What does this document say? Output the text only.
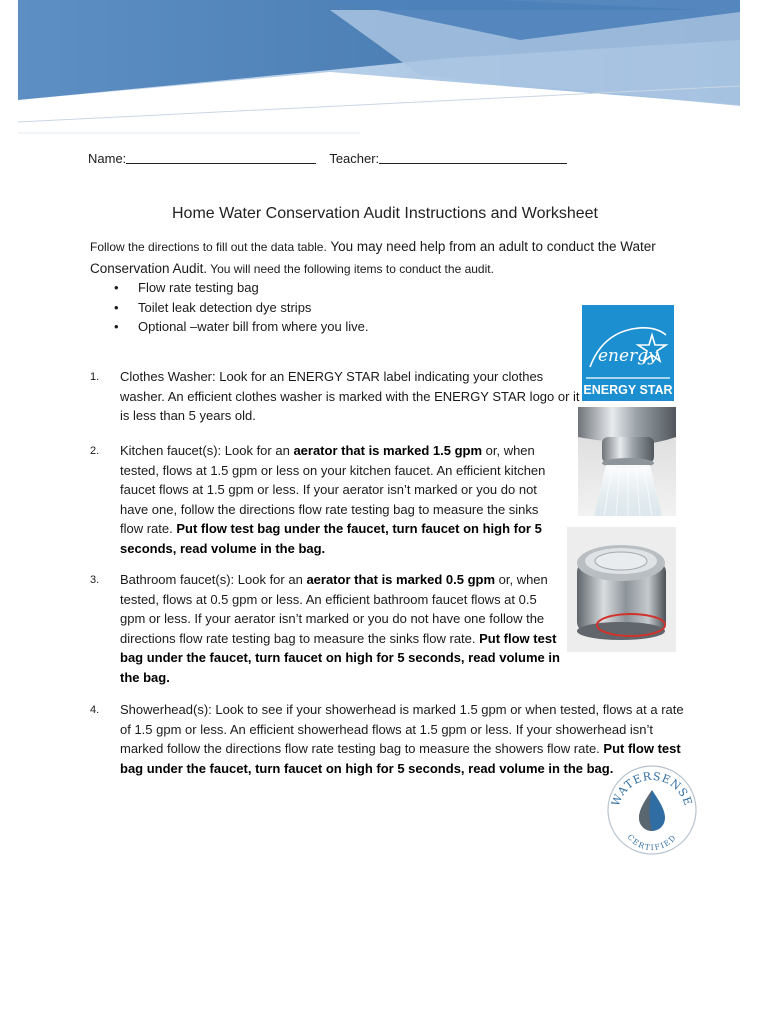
Name:	Teacher:
Home Water Conservation Audit Instructions and Worksheet
Follow the directions to fill out the data table. You may need help from an adult to conduct the Water Conservation Audit. You will need the following items to conduct the audit.
• Flow rate testing bag
• Toilet leak detection dye strips
• Optional –water bill from where you live.
1. Clothes Washer: Look for an ENERGY STAR label indicating your clothes washer. An efficient clothes washer is marked with the ENERGY STAR logo or it is less than 5 years old.
2. Kitchen faucet(s): Look for an aerator that is marked 1.5 gpm or, when tested, flows at 1.5 gpm or less on your kitchen faucet. An efficient kitchen faucet flows at 1.5 gpm or less. If your aerator isn’t marked or you do not have one, follow the directions flow rate testing bag to measure the sinks flow rate. Put flow test bag under the faucet, turn faucet on high for 5 seconds, read volume in the bag.
3. Bathroom faucet(s): Look for an aerator that is marked 0.5 gpm or, when tested, flows at 0.5 gpm or less. An efficient bathroom faucet flows at 0.5 gpm or less. If your aerator isn’t marked or you do not have one follow the directions flow rate testing bag to measure the sinks flow rate. Put flow test bag under the faucet, turn faucet on high for 5 seconds, read volume in the bag.
4. Showerhead(s): Look to see if your showerhead is marked 1.5 gpm or when tested, flows at a rate of 1.5 gpm or less. An efficient showerhead flows at 1.5 gpm or less. If your showerhead isn’t marked follow the directions flow rate testing bag to measure the showers flow rate. Put flow test bag under the faucet, turn faucet on high for 5 seconds, read volume in the bag.
energy
ENERGY STAR
WATERSENSE
CERTIFIED
